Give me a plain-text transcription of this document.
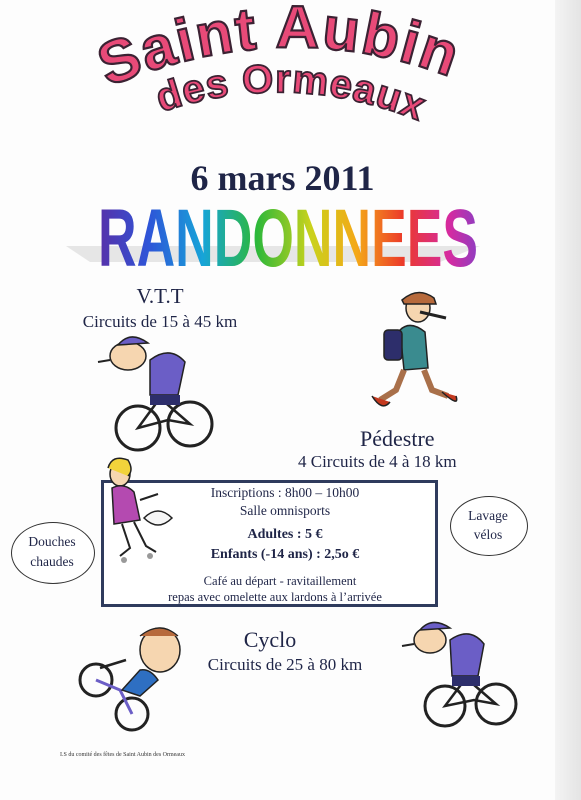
Saint Aubin
des Ormeaux
6 mars 2011
RANDONNEES
V.T.T
Circuits de 15 à 45 km
Pédestre
4 Circuits de 4 à 18 km
Inscriptions : 8h00 – 10h00
Salle omnisports
Adultes : 5 €
Enfants (-14 ans) : 2,5o €
Café au départ - ravitaillement
repas avec omelette aux lardons à l’arrivée
Douches
chaudes
Lavage
vélos
Cyclo
Circuits de 25 à 80 km
I.S du comité des fêtes de Saint Aubin des Ormeaux
